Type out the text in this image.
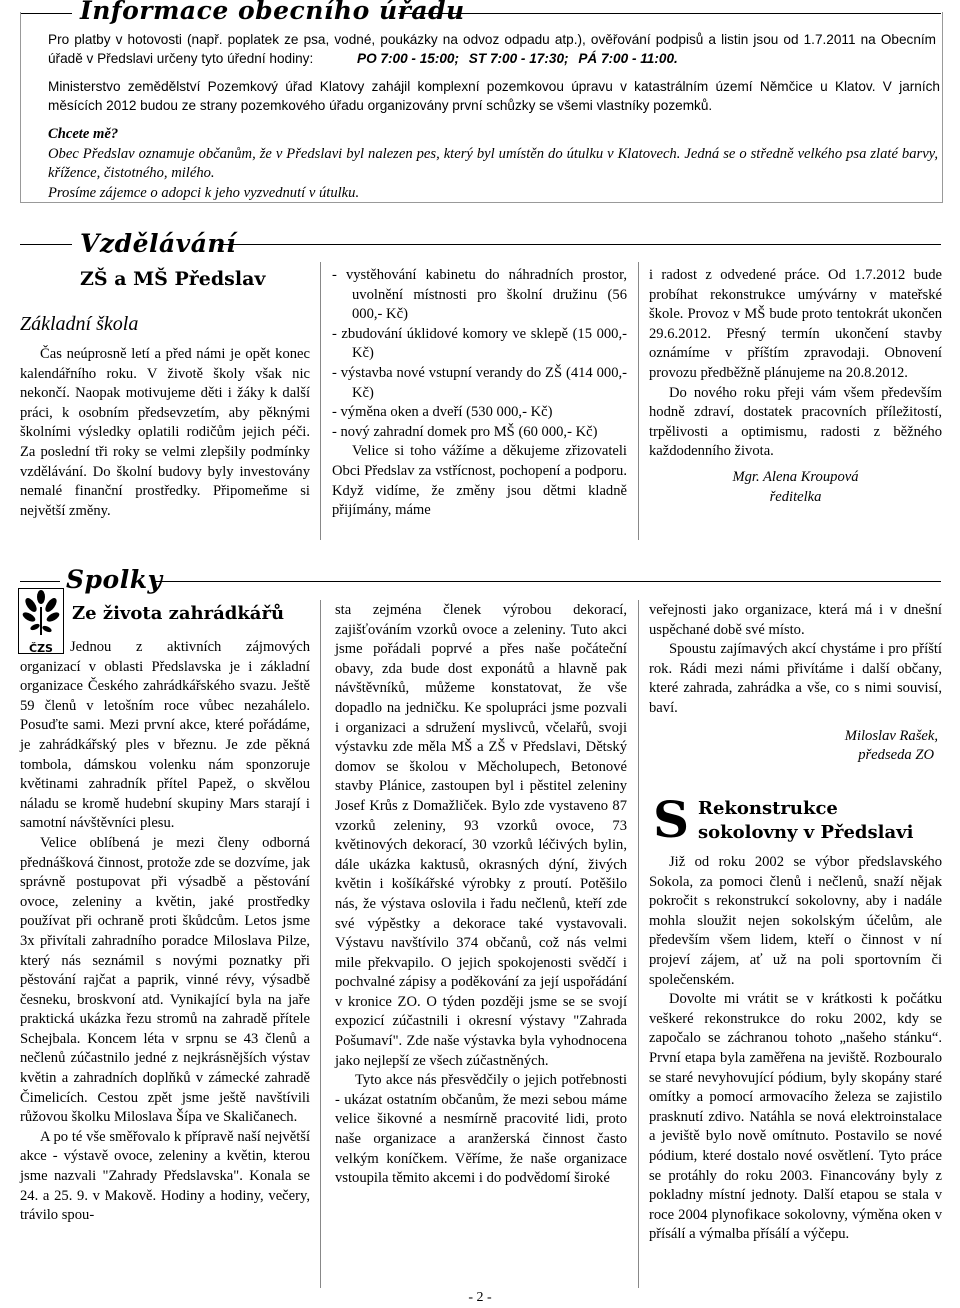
Informace obecního úřadu

Pro platby v hotovosti (např. poplatek ze psa, vodné, poukázky na odvoz odpadu atp.), ověřování podpisů a listin jsou od 1.7.2011 na Obecním úřadě v Předslavi určeny tyto úřední hodiny:	PO 7:00 - 15:00; ST 7:00 - 17:30; PÁ 7:00 - 11:00.

Ministerstvo zemědělství Pozemkový úřad Klatovy zahájil komplexní pozemkovou úpravu v katastrálním území Němčice u Klatov. V jarních měsících 2012 budou ze strany pozemkového úřadu organizovány první schůzky se všemi vlastníky pozemků.

Chcete mě?

Obec Předslav oznamuje občanům, že v Předslavi byl nalezen pes, který byl umístěn do útulku v Klatovech. Jedná se o středně velkého psa zlaté barvy, křížence, čistotného, milého.

Prosíme zájemce o adopci k jeho vyzvednutí v útulku.

Vzdělávání
ZŠ a MŠ Předslav
Základní škola

Čas neúprosně letí a před námi je opět konec kalendářního roku. V životě školy však nic nekončí. Naopak motivujeme děti i žáky k další práci, k osobním předsevzetím, aby pěknými školními výsledky oplatili rodičům jejich péči. Za poslední tři roky se velmi zlepšily podmínky vzdělávání. Do školní budovy byly investovány nemalé finanční prostředky. Připomeňme si největší změny.

- vystěhování kabinetu do náhradních prostor, uvolnění místnosti pro školní družinu (56 000,- Kč)
- zbudování úklidové komory ve sklepě (15 000,- Kč)
- výstavba nové vstupní verandy do ZŠ (414 000,- Kč)
- výměna oken a dveří (530 000,- Kč)
- nový zahradní domek pro MŠ (60 000,- Kč)

Velice si toho vážíme a děkujeme zřizovateli Obci Předslav za vstřícnost, pochopení a podporu. Když vidíme, že změny jsou dětmi kladně přijímány, máme

i radost z odvedené práce. Od 1.7.2012 bude probíhat rekonstrukce umývárny v mateřské škole. Provoz v MŠ bude proto tentokrát ukončen 29.6.2012. Přesný termín ukončení stavby oznámíme v příštím zpravodaji. Obnovení provozu předběžně plánujeme na 20.8.2012.

Do nového roku přeji vám všem především hodně zdraví, dostatek pracovních příležitostí, trpělivosti a optimismu, radosti z běžného každodenního života.

Mgr. Alena Kroupová

ředitelka

Spolky
ČZS
Ze života zahrádkářů

Jednou z aktivních zájmových organizací v oblasti Předslavska je i základní organizace Českého zahrádkářského svazu. Ještě 59 členů v letošním roce vůbec nezahálelo. Posuďte sami. Mezi první akce, které pořádáme, je zahrádkářský ples v březnu. Je zde pěkná tombola, dámskou volenku nám sponzoruje květinami zahradník přítel Papež, o skvělou náladu se kromě hudební skupiny Mars starají i samotní návštěvníci plesu.

Velice oblíbená je mezi členy odborná přednášková činnost, protože zde se dozvíme, jak správně postupovat při výsadbě a pěstování ovoce, zeleniny a květin, jaké prostředky používat při ochraně proti škůdcům. Letos jsme 3x přivítali zahradního poradce Miloslava Pilze, který nás seznámil s novými poznatky při pěstování rajčat a paprik, vinné révy, výsadbě česneku, broskvoní atd. Vynikající byla na jaře praktická ukázka řezu stromů na zahradě přítele Schejbala. Koncem léta v srpnu se 43 členů a nečlenů zúčastnilo jedné z nejkrásnějších výstav květin a zahradních doplňků v zámecké zahradě Čimelicích. Cestou zpět jsme ještě navštívili růžovou školku Miloslava Šípa ve Skaličanech.

A po té vše směřovalo k přípravě naší největší akce - výstavě ovoce, zeleniny a květin, kterou jsme nazvali "Zahrady Předslavska". Konala se 24. a 25. 9. v Makově. Hodiny a hodiny, večery, trávilo spou-

sta zejména členek výrobou dekorací, zajišťováním vzorků ovoce a zeleniny. Tuto akci jsme pořádali poprvé a přes naše počáteční obavy, zda bude dost exponátů a hlavně pak návštěvníků, můžeme konstatovat, že vše dopadlo na jedničku. Ke spolupráci jsme pozvali i organizaci a sdružení myslivců, včelařů, svoji výstavku zde měla MŠ a ZŠ v Předslavi, Dětský domov se školou v Měcholupech, Betonové stavby Plánice, zastoupen byl i pěstitel zeleniny Josef Krůs z Domažliček. Bylo zde vystaveno 87 vzorků zeleniny, 93 vzorků ovoce, 73 květinových dekorací, 30 vzorků léčivých bylin, dále ukázka kaktusů, okrasných dýní, živých květin i košíkářské výrobky z proutí. Potěšilo nás, že výstava oslovila i řadu nečlenů, kteří zde své výpěstky a dekorace také vystavovali. Výstavu navštívilo 374 občanů, což nás velmi mile překvapilo. O jejich spokojenosti svědčí i pochvalné zápisy a poděkování za její uspořádání v kronice ZO. O týden později jsme se se svojí expozicí zúčastnili i okresní výstavy "Zahrada Pošumaví". Zde naše výstavka byla vyhodnocena jako nejlepší ze všech zúčastněných.

Tyto akce nás přesvědčily o jejich potřebnosti - ukázat ostatním občanům, že mezi sebou máme velice šikovné a nesmírně pracovité lidi, proto naše organizace a aranžerská činnost často velkým koníčkem. Věříme, že naše organizace vstoupila těmito akcemi i do podvědomí široké

veřejnosti jako organizace, která má i v dnešní uspěchané době své místo.

Spoustu zajímavých akcí chystáme i pro příští rok. Rádi mezi námi přivítáme i další občany, které zahrada, zahrádka a vše, co s nimi souvisí, baví.

Miloslav Rašek,

předseda ZO

S Rekonstrukce sokolovny v Předslavi

Již od roku 2002 se výbor předslavského Sokola, za pomoci členů i nečlenů, snaží nějak pokročit s rekonstrukcí sokolovny, aby i nadále mohla sloužit nejen sokolským účelům, ale především všem lidem, kteří o činnost v ní projeví zájem, ať už na poli sportovním či společenském.

Dovolte mi vrátit se v krátkosti k počátku veškeré rekonstrukce do roku 2002, kdy se započalo se záchranou tohoto „našeho stánku“. První etapa byla zaměřena na jeviště. Rozbouralo se staré nevyhovující pódium, byly skopány staré omítky a pomocí armovacího železa se zajistilo prasknutí zdivo. Natáhla se nová elektroinstalace a jeviště bylo nově omítnuto. Postavilo se nové pódium, které dostalo nové osvětlení. Tyto práce se protáhly do roku 2003. Financovány byly z pokladny místní jednoty. Další etapou se stala v roce 2004 plynofikace sokolovny, výměna oken v přísálí a výmalba přísálí a výčepu.

- 2 -
